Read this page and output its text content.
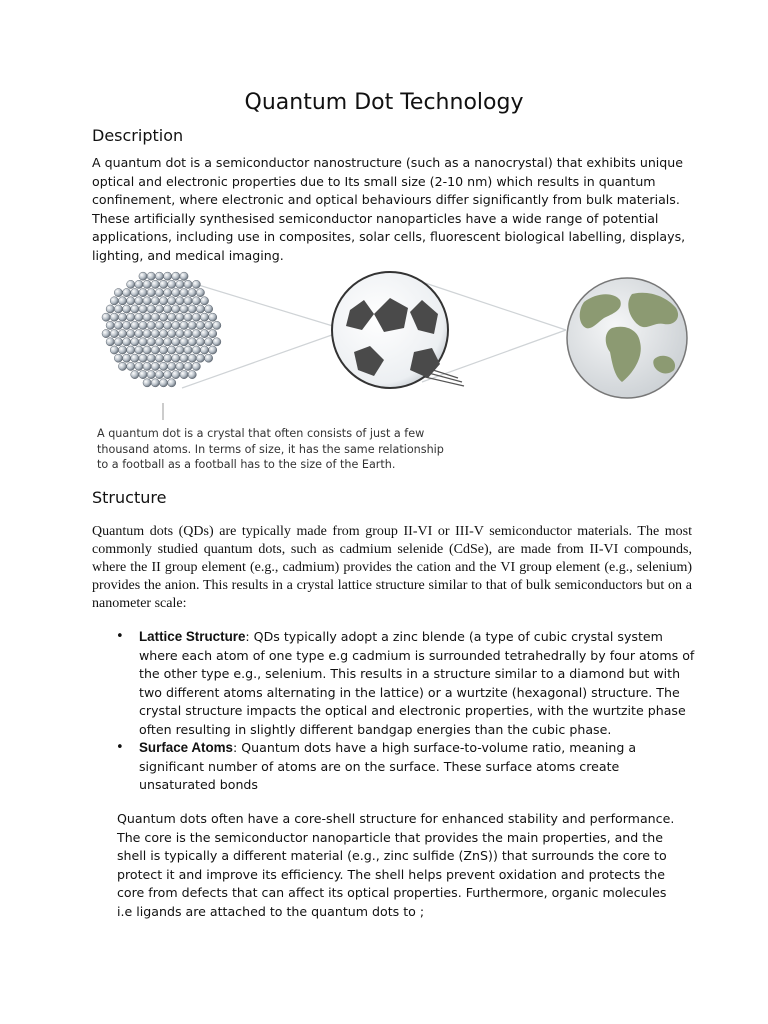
Quantum Dot Technology
Description
A quantum dot is a semiconductor nanostructure (such as a nanocrystal) that exhibits unique optical and electronic properties due to Its small size (2-10 nm) which results in quantum confinement, where electronic and optical behaviours differ significantly from bulk materials. These artificially synthesised semiconductor nanoparticles have a wide range of potential applications, including use in composites, solar cells, fluorescent biological labelling, displays, lighting, and medical imaging.
A quantum dot is a crystal that often consists of just a few thousand atoms. In terms of size, it has the same relationship to a football as a football has to the size of the Earth.
Structure
Quantum dots (QDs) are typically made from group II-VI or III-V semiconductor materials. The most commonly studied quantum dots, such as cadmium selenide (CdSe), are made from II-VI compounds, where the II group element (e.g., cadmium) provides the cation and the VI group element (e.g., selenium) provides the anion. This results in a crystal lattice structure similar to that of bulk semiconductors but on a nanometer scale:
• Lattice Structure: QDs typically adopt a zinc blende (a type of cubic crystal system where each atom of one type e.g cadmium is surrounded tetrahedrally by four atoms of the other type e.g., selenium. This results in a structure similar to a diamond but with two different atoms alternating in the lattice) or a wurtzite (hexagonal) structure. The crystal structure impacts the optical and electronic properties, with the wurtzite phase often resulting in slightly different bandgap energies than the cubic phase.
• Surface Atoms: Quantum dots have a high surface-to-volume ratio, meaning a significant number of atoms are on the surface. These surface atoms create unsaturated bonds
Quantum dots often have a core-shell structure for enhanced stability and performance. The core is the semiconductor nanoparticle that provides the main properties, and the shell is typically a different material (e.g., zinc sulfide (ZnS)) that surrounds the core to protect it and improve its efficiency. The shell helps prevent oxidation and protects the core from defects that can affect its optical properties. Furthermore, organic molecules i.e ligands are attached to the quantum dots to ;
